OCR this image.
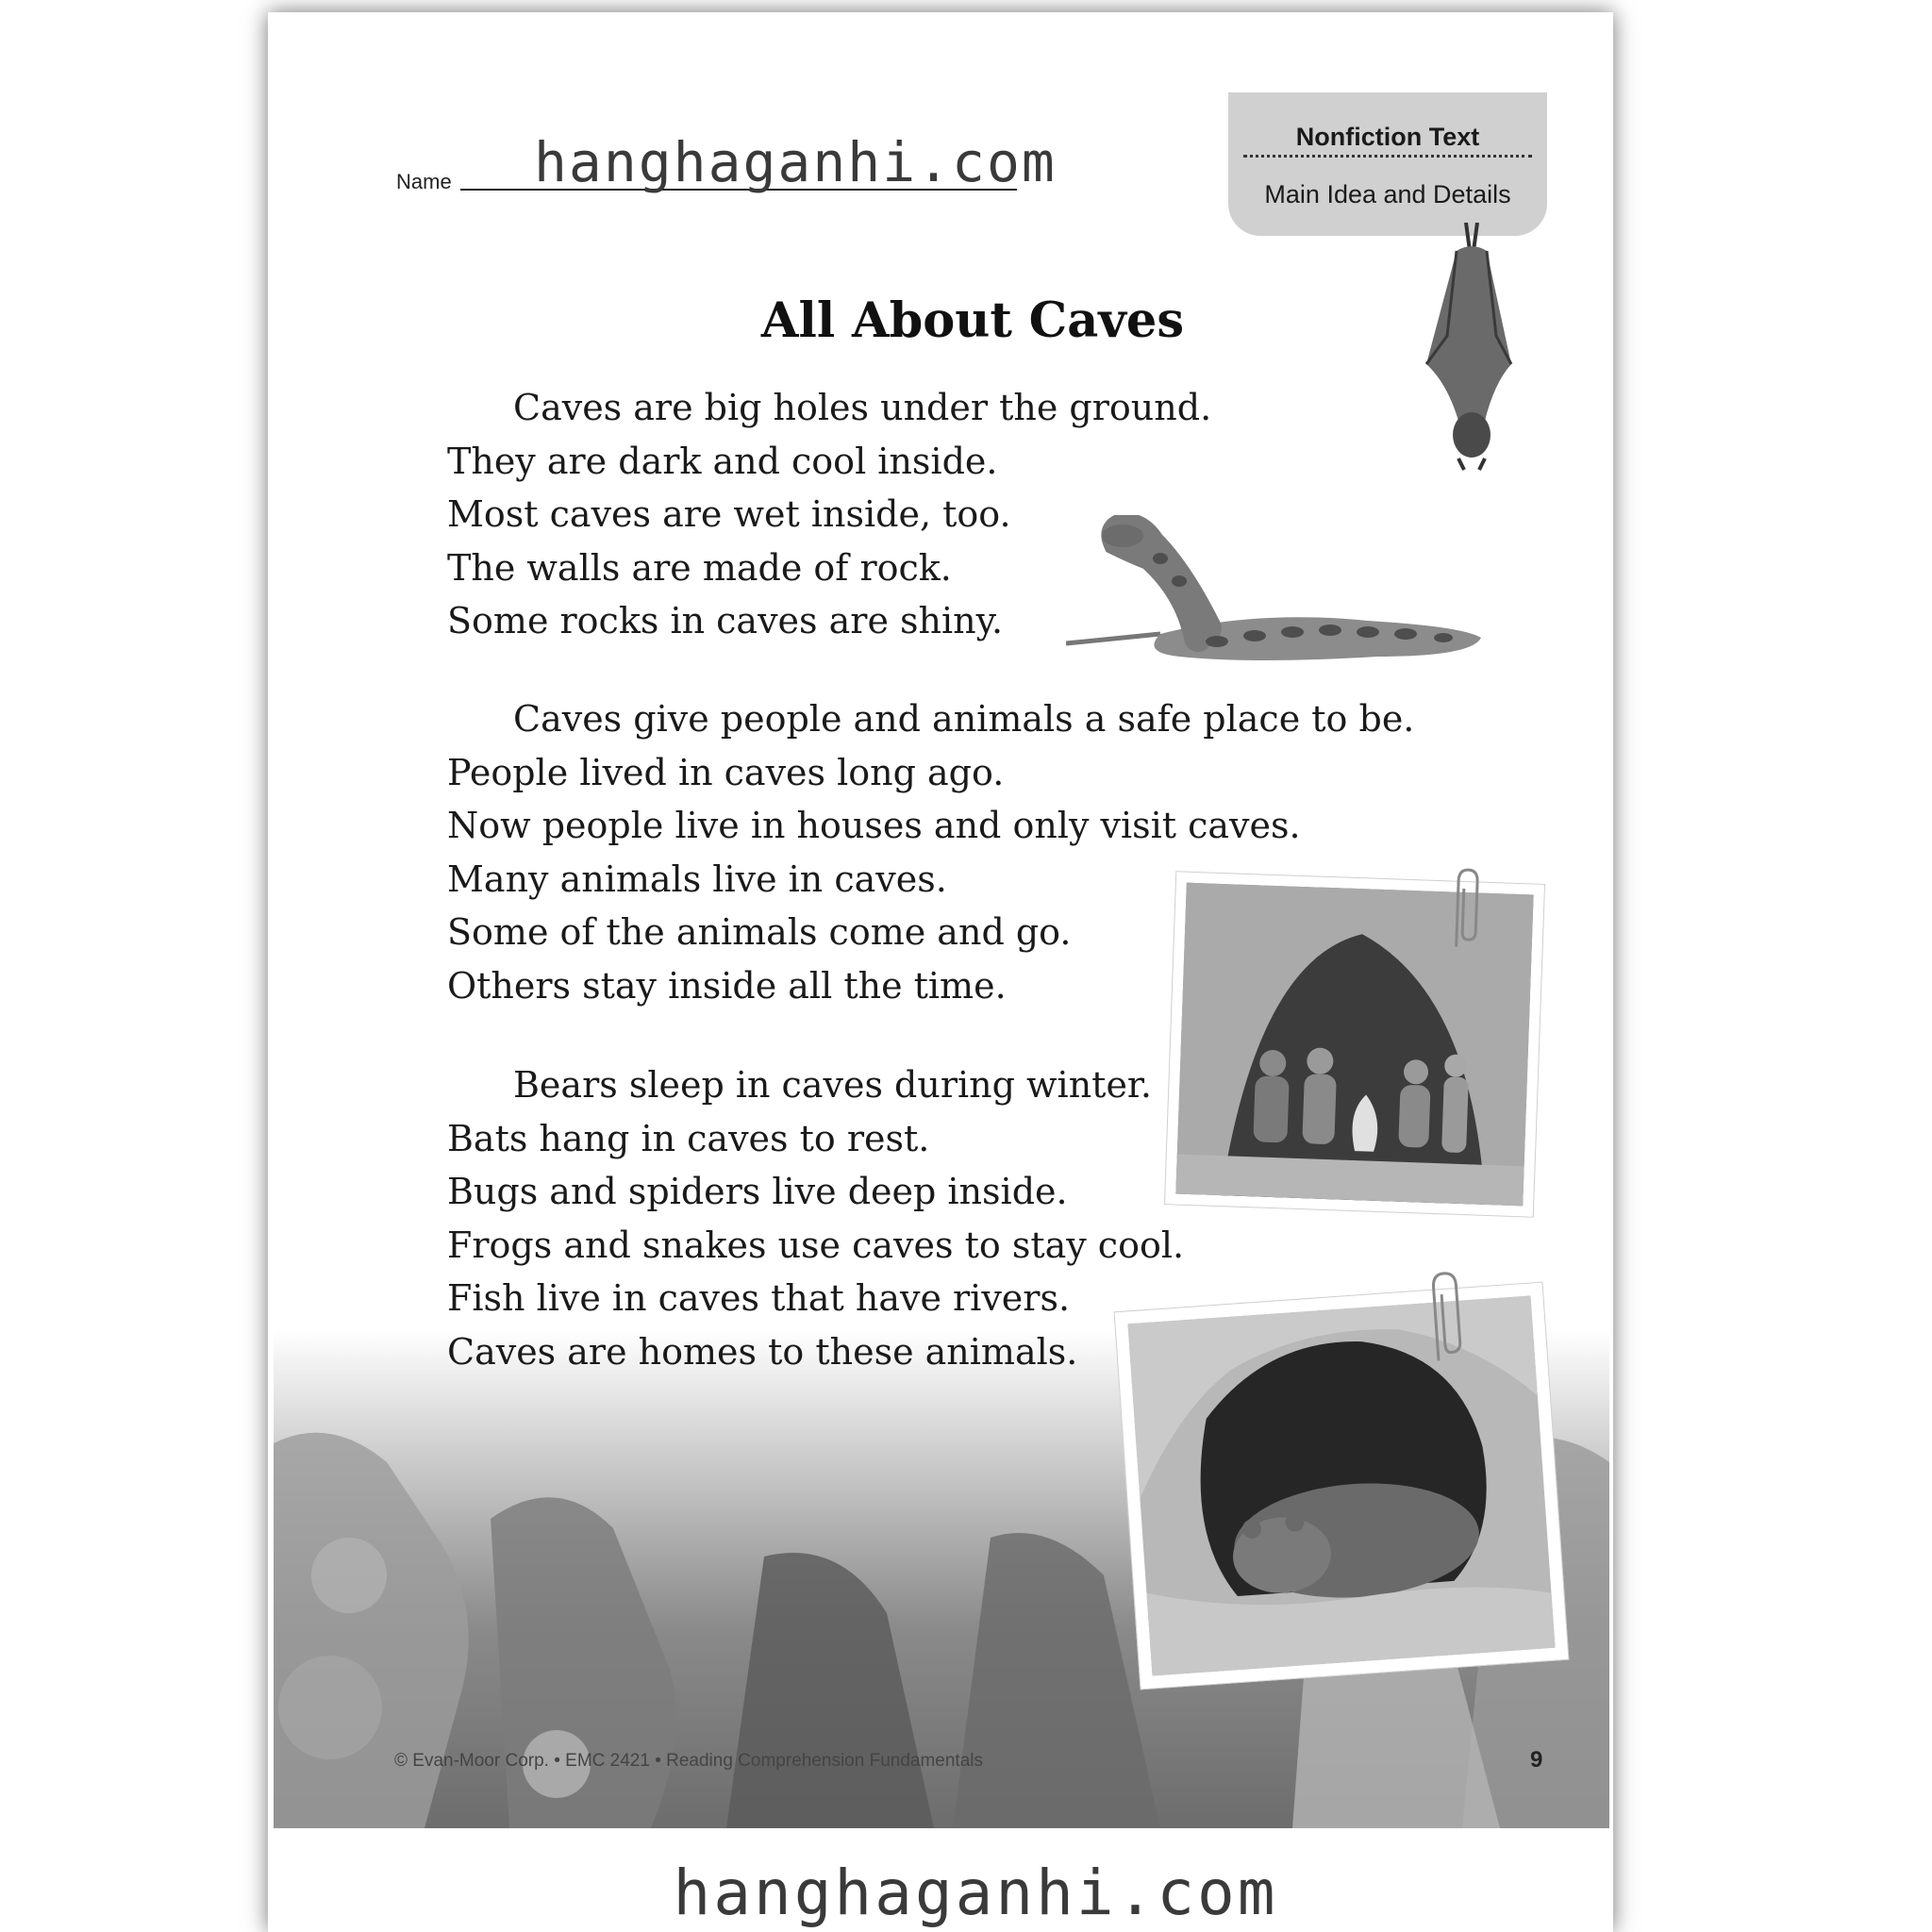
Name hanghaganhi.com	Nonfiction Text
Main Idea and Details
All About Caves
Caves are big holes under the ground.
They are dark and cool inside.
Most caves are wet inside, too.
The walls are made of rock.
Some rocks in caves are shiny.
Caves give people and animals a safe place to be.
People lived in caves long ago.
Now people live in houses and only visit caves.
Many animals live in caves.
Some of the animals come and go.
Others stay inside all the time.
Bears sleep in caves during winter.
Bats hang in caves to rest.
Bugs and spiders live deep inside.
Frogs and snakes use caves to stay cool.
Fish live in caves that have rivers.
Caves are homes to these animals.
© Evan-Moor Corp. • EMC 2421 • Reading Comprehension Fundamentals	9
hanghaganhi.com
